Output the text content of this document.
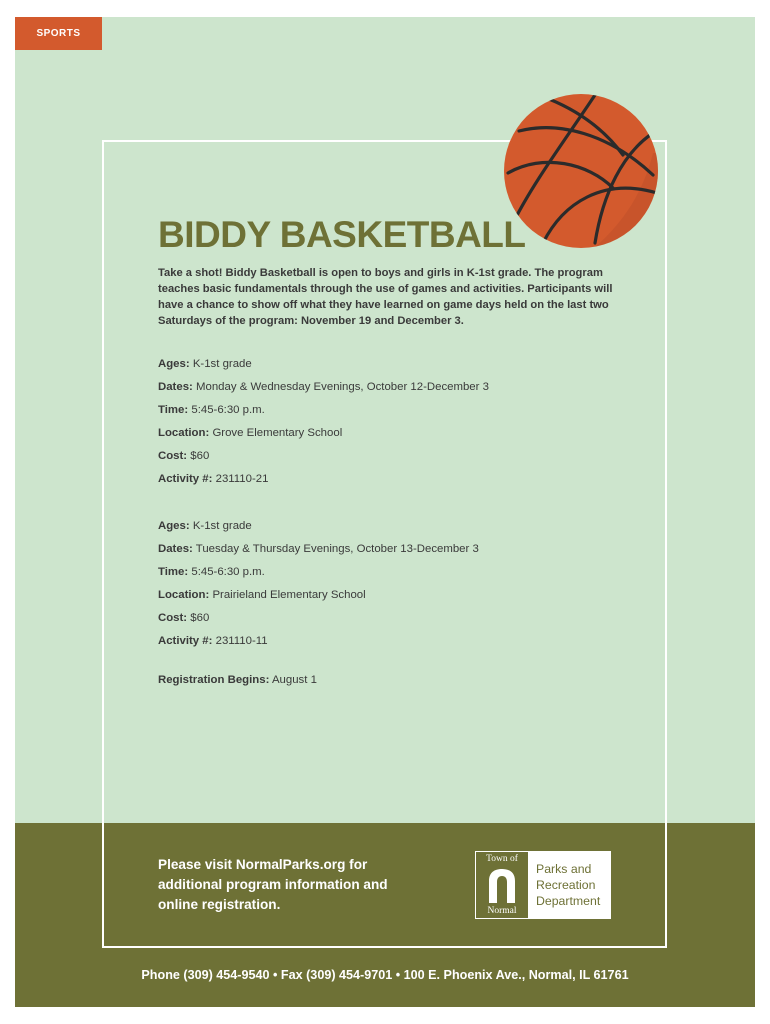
SPORTS
BIDDY BASKETBALL

Take a shot! Biddy Basketball is open to boys and girls in K-1st grade. The program teaches basic fundamentals through the use of games and activities. Participants will have a chance to show off what they have learned on game days held on the last two Saturdays of the program: November 19 and December 3.

Ages: K-1st grade
Dates: Monday & Wednesday Evenings, October 12-December 3
Time: 5:45-6:30 p.m.
Location: Grove Elementary School
Cost: $60
Activity #: 231110-21
Ages: K-1st grade
Dates: Tuesday & Thursday Evenings, October 13-December 3
Time: 5:45-6:30 p.m.
Location: Prairieland Elementary School
Cost: $60
Activity #: 231110-11
Registration Begins: August 1
Please visit NormalParks.org for additional program information and online registration.
Town of
Normal
Parks and
Recreation
Department
Phone (309) 454-9540 • Fax (309) 454-9701 • 100 E. Phoenix Ave., Normal, IL 61761
